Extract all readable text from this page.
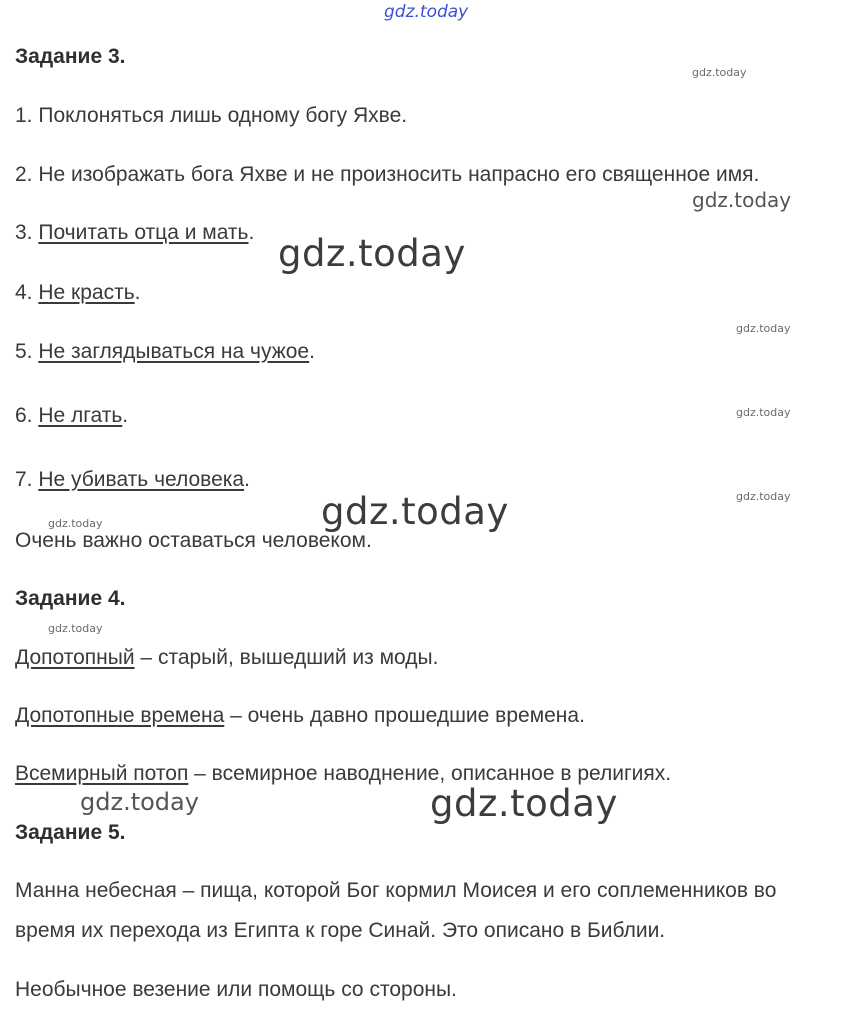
gdz.today
Задание 3.
1. Поклоняться лишь одному богу Яхве.
2. Не изображать бога Яхве и не произносить напрасно его священное имя.
3. Почитать отца и мать.
4. Не красть.
5. Не заглядываться на чужое.
6. Не лгать.
7. Не убивать человека.
Очень важно оставаться человеком.
Задание 4.
Допотопный – старый, вышедший из моды.
Допотопные времена – очень давно прошедшие времена.
Всемирный потоп – всемирное наводнение, описанное в религиях.
Задание 5.
Манна небесная – пища, которой Бог кормил Моисея и его соплеменников во
время их перехода из Египта к горе Синай. Это описано в Библии.
Необычное везение или помощь со стороны.
gdz.today
gdz.today
gdz.today
gdz.today
gdz.today
gdz.today
gdz.today
gdz.today
gdz.today
gdz.today	gdz.today
